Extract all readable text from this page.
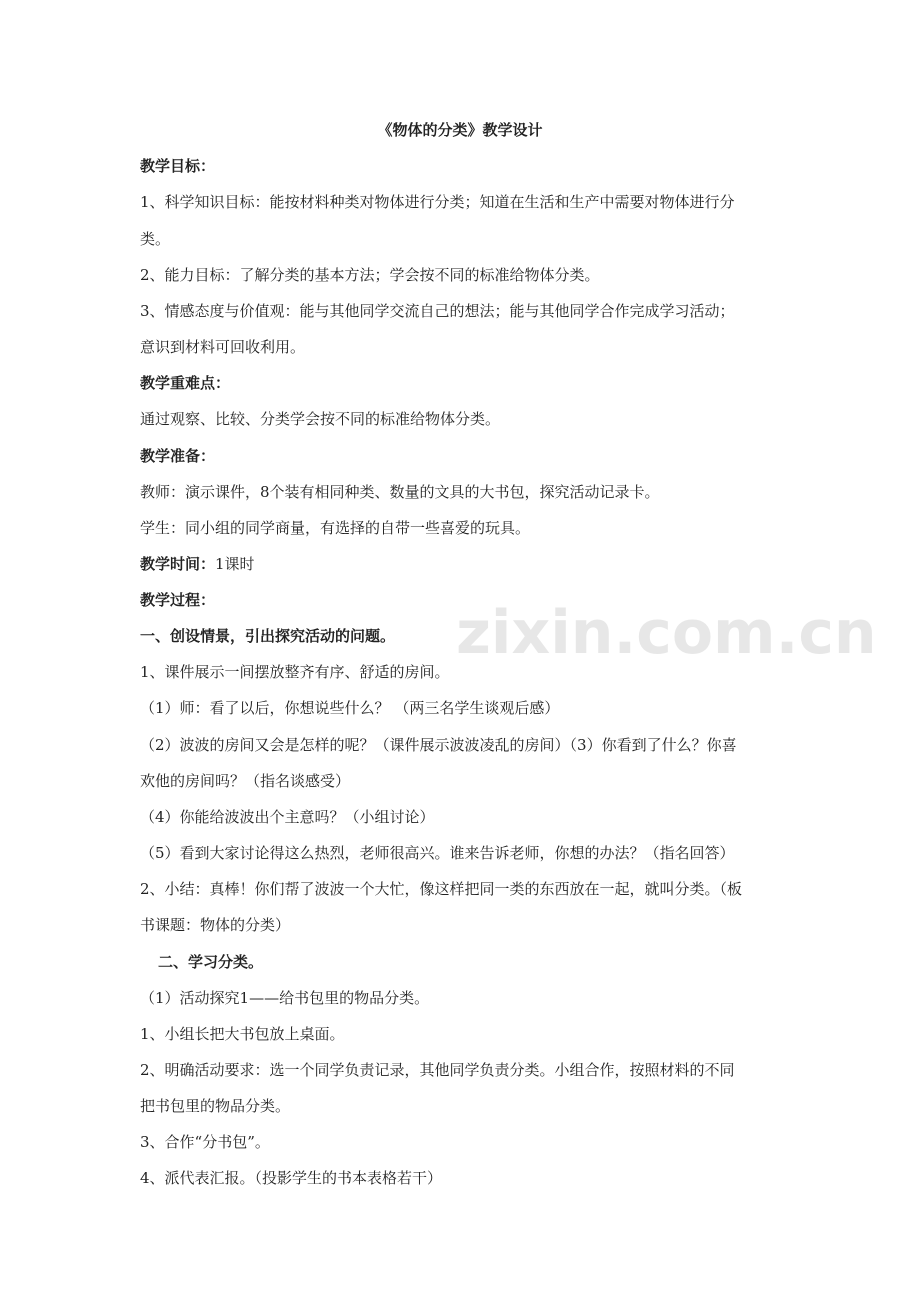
zixin.com.cn
《物体的分类》教学设计
教学目标：
1、科学知识目标：能按材料种类对物体进行分类；知道在生活和生产中需要对物体进行分
类。
2、能力目标：了解分类的基本方法；学会按不同的标准给物体分类。
3、情感态度与价值观：能与其他同学交流自己的想法；能与其他同学合作完成学习活动；
意识到材料可回收利用。
教学重难点：
通过观察、比较、分类学会按不同的标准给物体分类。
教学准备：
教师：演示课件，8个装有相同种类、数量的文具的大书包，探究活动记录卡。
学生：同小组的同学商量，有选择的自带一些喜爱的玩具。
教学时间：1课时
教学过程：
一、创设情景，引出探究活动的问题。
1、课件展示一间摆放整齐有序、舒适的房间。
（1）师：看了以后，你想说些什么？ （两三名学生谈观后感）
（2）波波的房间又会是怎样的呢？（课件展示波波凌乱的房间）（3）你看到了什么？你喜
欢他的房间吗？（指名谈感受）
（4）你能给波波出个主意吗？（小组讨论）
（5）看到大家讨论得这么热烈，老师很高兴。谁来告诉老师，你想的办法？（指名回答）
2、小结：真棒！你们帮了波波一个大忙，像这样把同一类的东西放在一起，就叫分类。（板
书课题：物体的分类）
二、学习分类。
（1）活动探究1——给书包里的物品分类。
1、小组长把大书包放上桌面。
2、明确活动要求：选一个同学负责记录，其他同学负责分类。小组合作，按照材料的不同
把书包里的物品分类。
3、合作“分书包”。
4、派代表汇报。（投影学生的书本表格若干）
